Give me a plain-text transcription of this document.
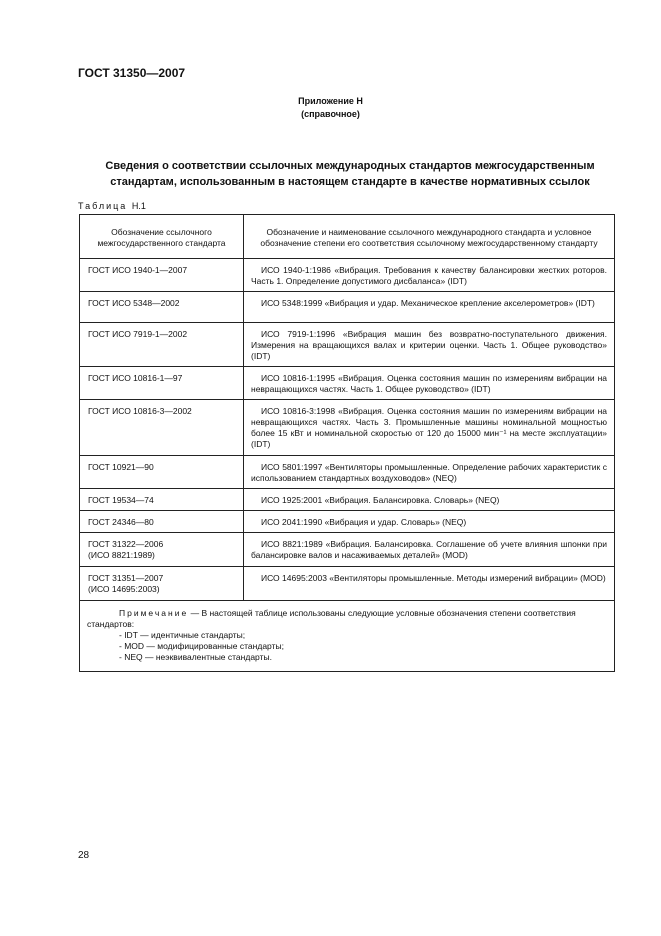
ГОСТ 31350—2007
Приложение Н
(справочное)
Сведения о соответствии ссылочных международных стандартов межгосударственным стандартам, использованным в настоящем стандарте в качестве нормативных ссылок
Таблица Н.1
Обозначение ссылочного межгосударственного стандарта	Обозначение и наименование ссылочного международного стандарта и условное обозначение степени его соответствия ссылочному межгосударственному стандарту
ГОСТ ИСО 1940-1—2007	ИСО 1940-1:1986 «Вибрация. Требования к качеству балансировки жестких роторов. Часть 1. Определение допустимого дисбаланса» (IDT)

ГОСТ ИСО 5348—2002	ИСО 5348:1999 «Вибрация и удар. Механическое крепление акселерометров» (IDT)

ГОСТ ИСО 7919-1—2002	ИСО 7919-1:1996 «Вибрация машин без возвратно-поступательного движения. Измерения на вращающихся валах и критерии оценки. Часть 1. Общее руководство» (IDT)

ГОСТ ИСО 10816-1—97	ИСО 10816-1:1995 «Вибрация. Оценка состояния машин по измерениям вибрации на невращающихся частях. Часть 1. Общее руководство» (IDT)

ГОСТ ИСО 10816-3—2002	ИСО 10816-3:1998 «Вибрация. Оценка состояния машин по измерениям вибрации на невращающихся частях. Часть 3. Промышленные машины номинальной мощностью более 15 кВт и номинальной скоростью от 120 до 15000 мин⁻¹ на месте эксплуатации» (IDT)

ГОСТ 10921—90	ИСО 5801:1997 «Вентиляторы промышленные. Определение рабочих характеристик с использованием стандартных воздуховодов» (NEQ)

ГОСТ 19534—74	ИСО 1925:2001 «Вибрация. Балансировка. Словарь» (NEQ)

ГОСТ 24346—80	ИСО 2041:1990 «Вибрация и удар. Словарь» (NEQ)

ГОСТ 31322—2006
(ИСО 8821:1989)	ИСО 8821:1989 «Вибрация. Балансировка. Соглашение об учете влияния шпонки при балансировке валов и насаживаемых деталей» (MOD)

ГОСТ 31351—2007
(ИСО 14695:2003)	ИСО 14695:2003 «Вентиляторы промышленные. Методы измерений вибрации» (MOD)

Примечание — В настоящей таблице использованы следующие условные обозначения степени соответствия стандартов:
- IDT — идентичные стандарты;
- MOD — модифицированные стандарты;
- NEQ — неэквивалентные стандарты.	
28
